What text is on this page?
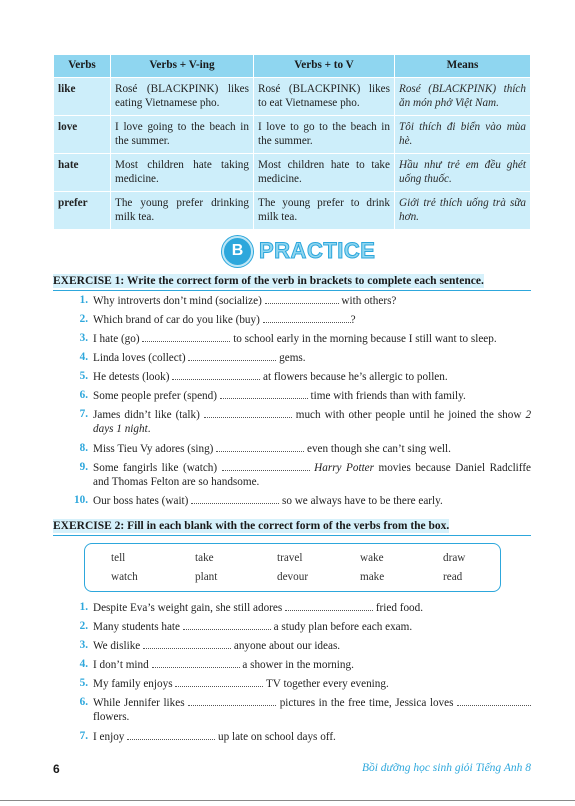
Verbs	Verbs + V-ing	Verbs + to V	Means
like	Rosé (BLACKPINK) likes eating Vietnamese pho.	Rosé (BLACKPINK) likes to eat Vietnamese pho.	Rosé (BLACKPINK) thích ăn món phở Việt Nam.
love	I love going to the beach in the summer.	I love to go to the beach in the summer.	Tôi thích đi biển vào mùa hè.
hate	Most children hate taking medicine.	Most children hate to take medicine.	Hầu như trẻ em đều ghét uống thuốc.
prefer	The young prefer drinking milk tea.	The young prefer to drink milk tea.	Giới trẻ thích uống trà sữa hơn.
B PRACTICE
EXERCISE 1: Write the correct form of the verb in brackets to complete each sentence.
1. Why introverts don’t mind (socialize)	with others?
2. Which brand of car do you like (buy)	?
3. I hate (go)	to school early in the morning because I still want to sleep.
4. Linda loves (collect)	gems.
5. He detests (look)	at flowers because he’s allergic to pollen.
6. Some people prefer (spend)	time with friends than with family.
7. James didn’t like (talk)	much with other people until he joined the show 2 days 1 night.
8. Miss Tieu Vy adores (sing)	even though she can’t sing well.
9. Some fangirls like (watch)	Harry Potter movies because Daniel Radcliffe and Thomas Felton are so handsome.
10. Our boss hates (wait)	so we always have to be there early.
EXERCISE 2: Fill in each blank with the correct form of the verbs from the box.
tell	take	travel	wake	draw
watch	plant	devour	make	read
1. Despite Eva’s weight gain, she still adores	fried food.
2. Many students hate	a study plan before each exam.
3. We dislike	anyone about our ideas.
4. I don’t mind	a shower in the morning.
5. My family enjoys	TV together every evening.
6. While Jennifer likes	pictures in the free time, Jessica loves  flowers.
7. I enjoy	up late on school days off.
6	Bồi dưỡng học sinh giỏi Tiếng Anh 8
